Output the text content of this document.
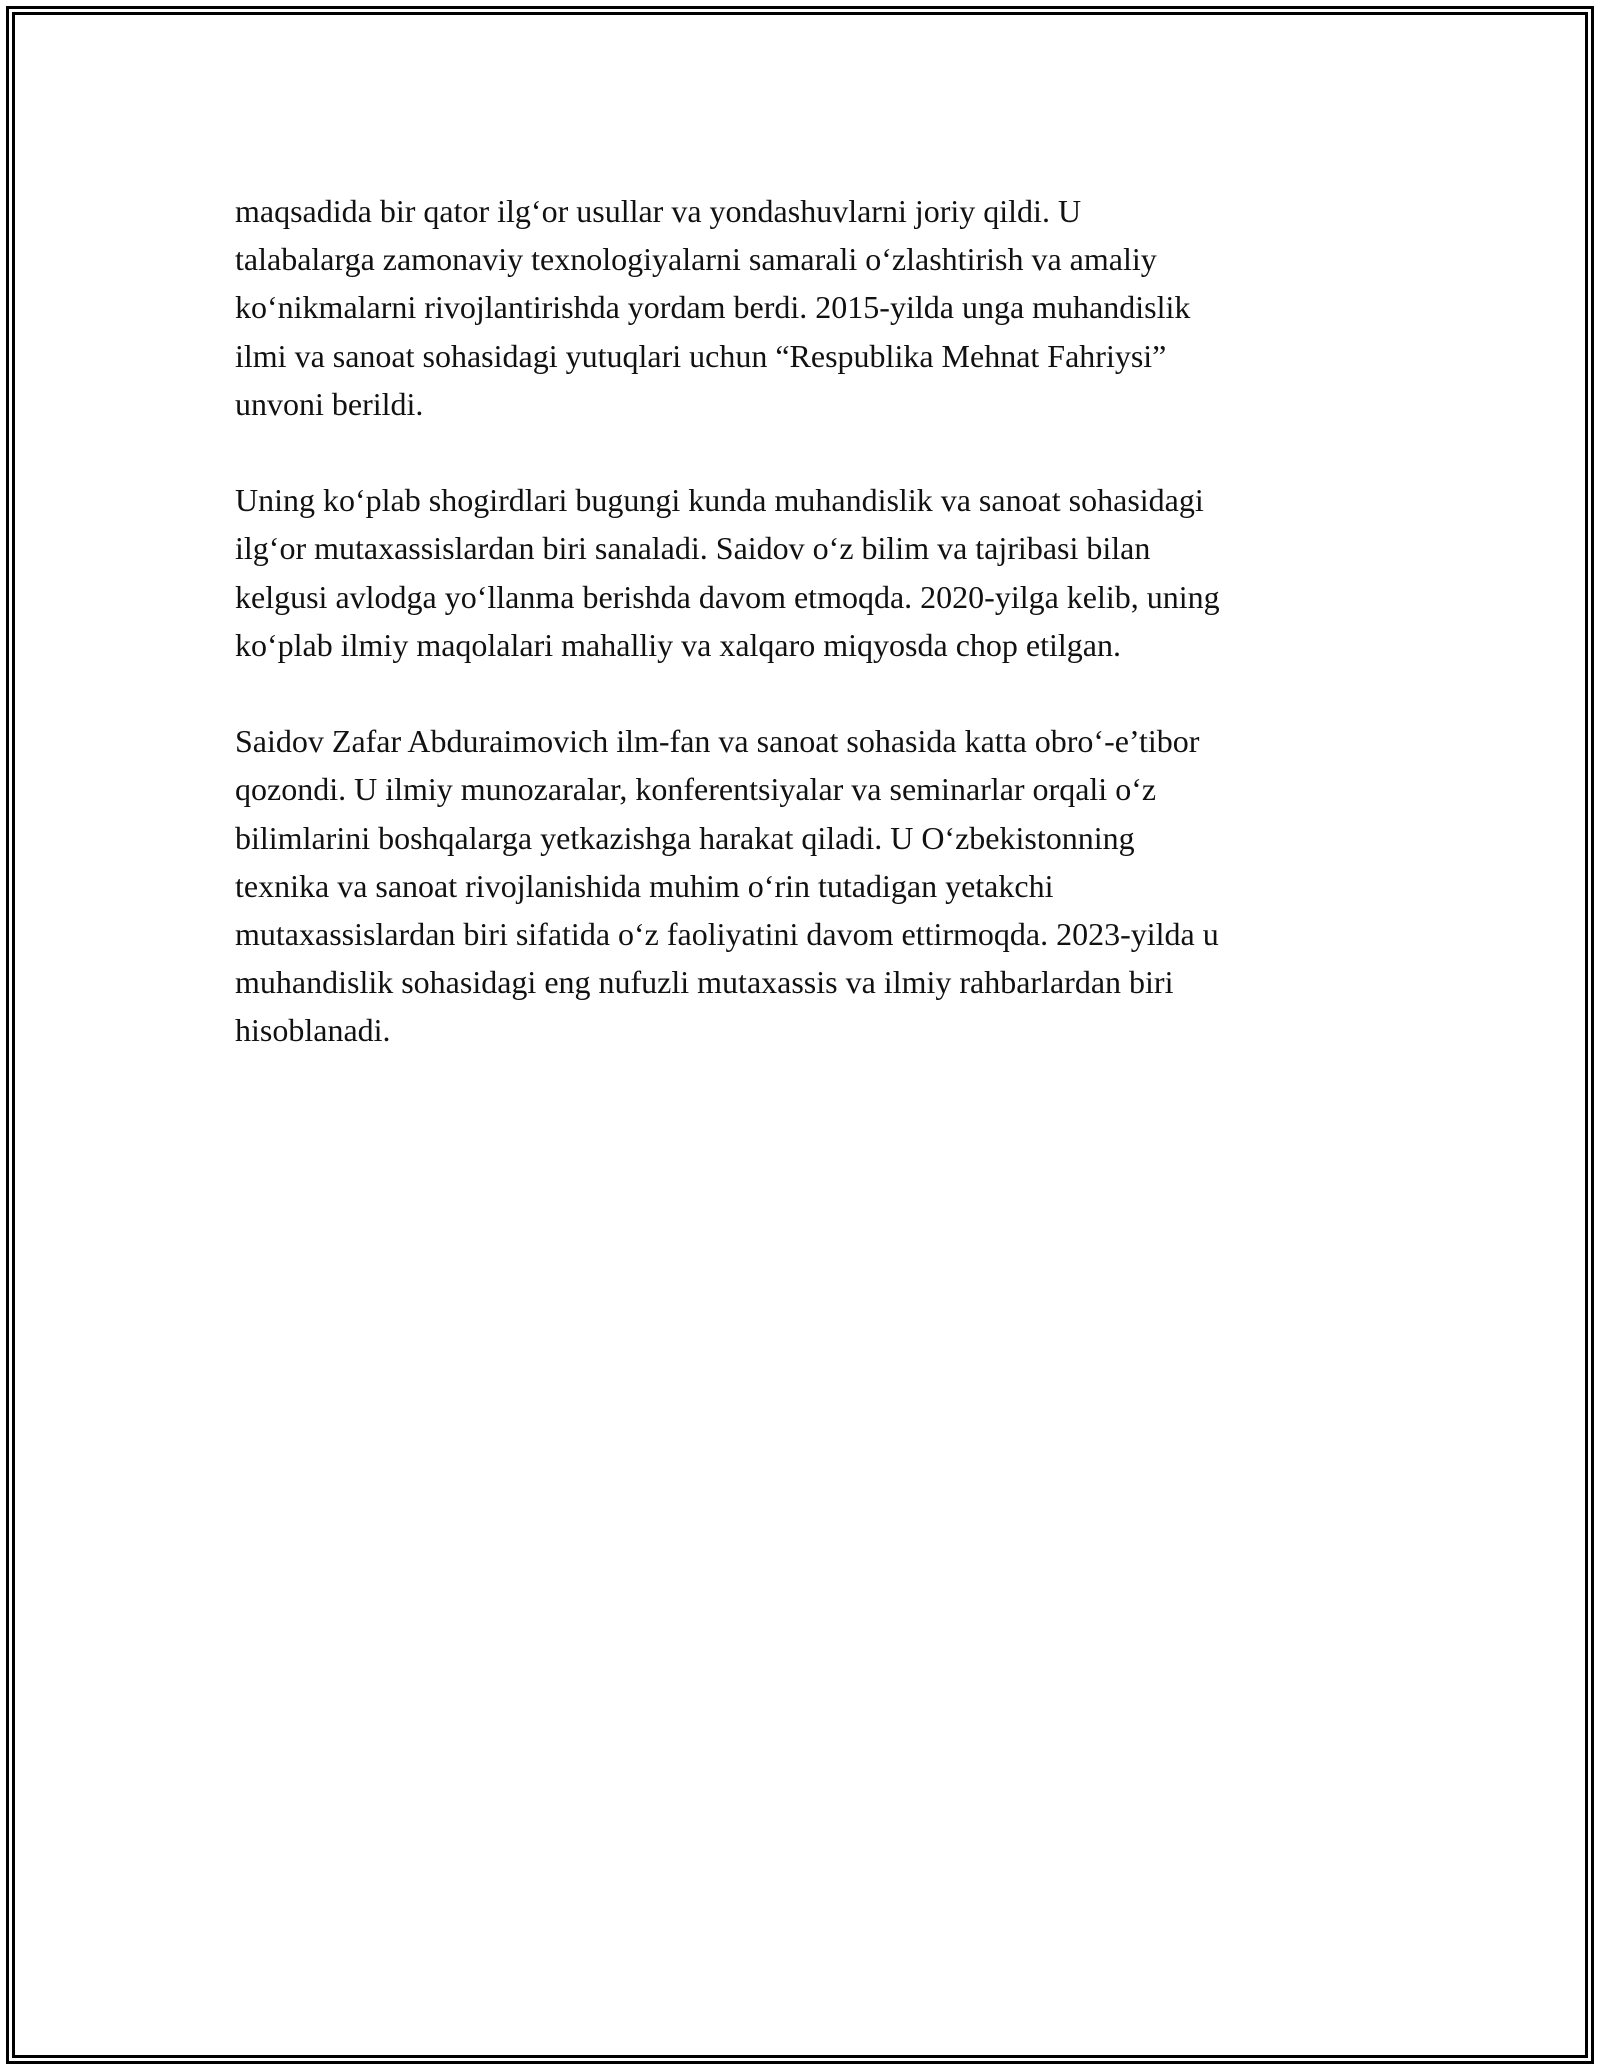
maqsadida bir qator ilg‘or usullar va yondashuvlarni joriy qildi. U
talabalarga zamonaviy texnologiyalarni samarali o‘zlashtirish va amaliy
ko‘nikmalarni rivojlantirishda yordam berdi. 2015-yilda unga muhandislik
ilmi va sanoat sohasidagi yutuqlari uchun “Respublika Mehnat Fahriysi”
unvoni berildi.

Uning ko‘plab shogirdlari bugungi kunda muhandislik va sanoat sohasidagi
ilg‘or mutaxassislardan biri sanaladi. Saidov o‘z bilim va tajribasi bilan
kelgusi avlodga yo‘llanma berishda davom etmoqda. 2020-yilga kelib, uning
ko‘plab ilmiy maqolalari mahalliy va xalqaro miqyosda chop etilgan.

Saidov Zafar Abduraimovich ilm-fan va sanoat sohasida katta obro‘-e’tibor
qozondi. U ilmiy munozaralar, konferentsiyalar va seminarlar orqali o‘z
bilimlarini boshqalarga yetkazishga harakat qiladi. U O‘zbekistonning
texnika va sanoat rivojlanishida muhim o‘rin tutadigan yetakchi
mutaxassislardan biri sifatida o‘z faoliyatini davom ettirmoqda. 2023-yilda u
muhandislik sohasidagi eng nufuzli mutaxassis va ilmiy rahbarlardan biri
hisoblanadi.
